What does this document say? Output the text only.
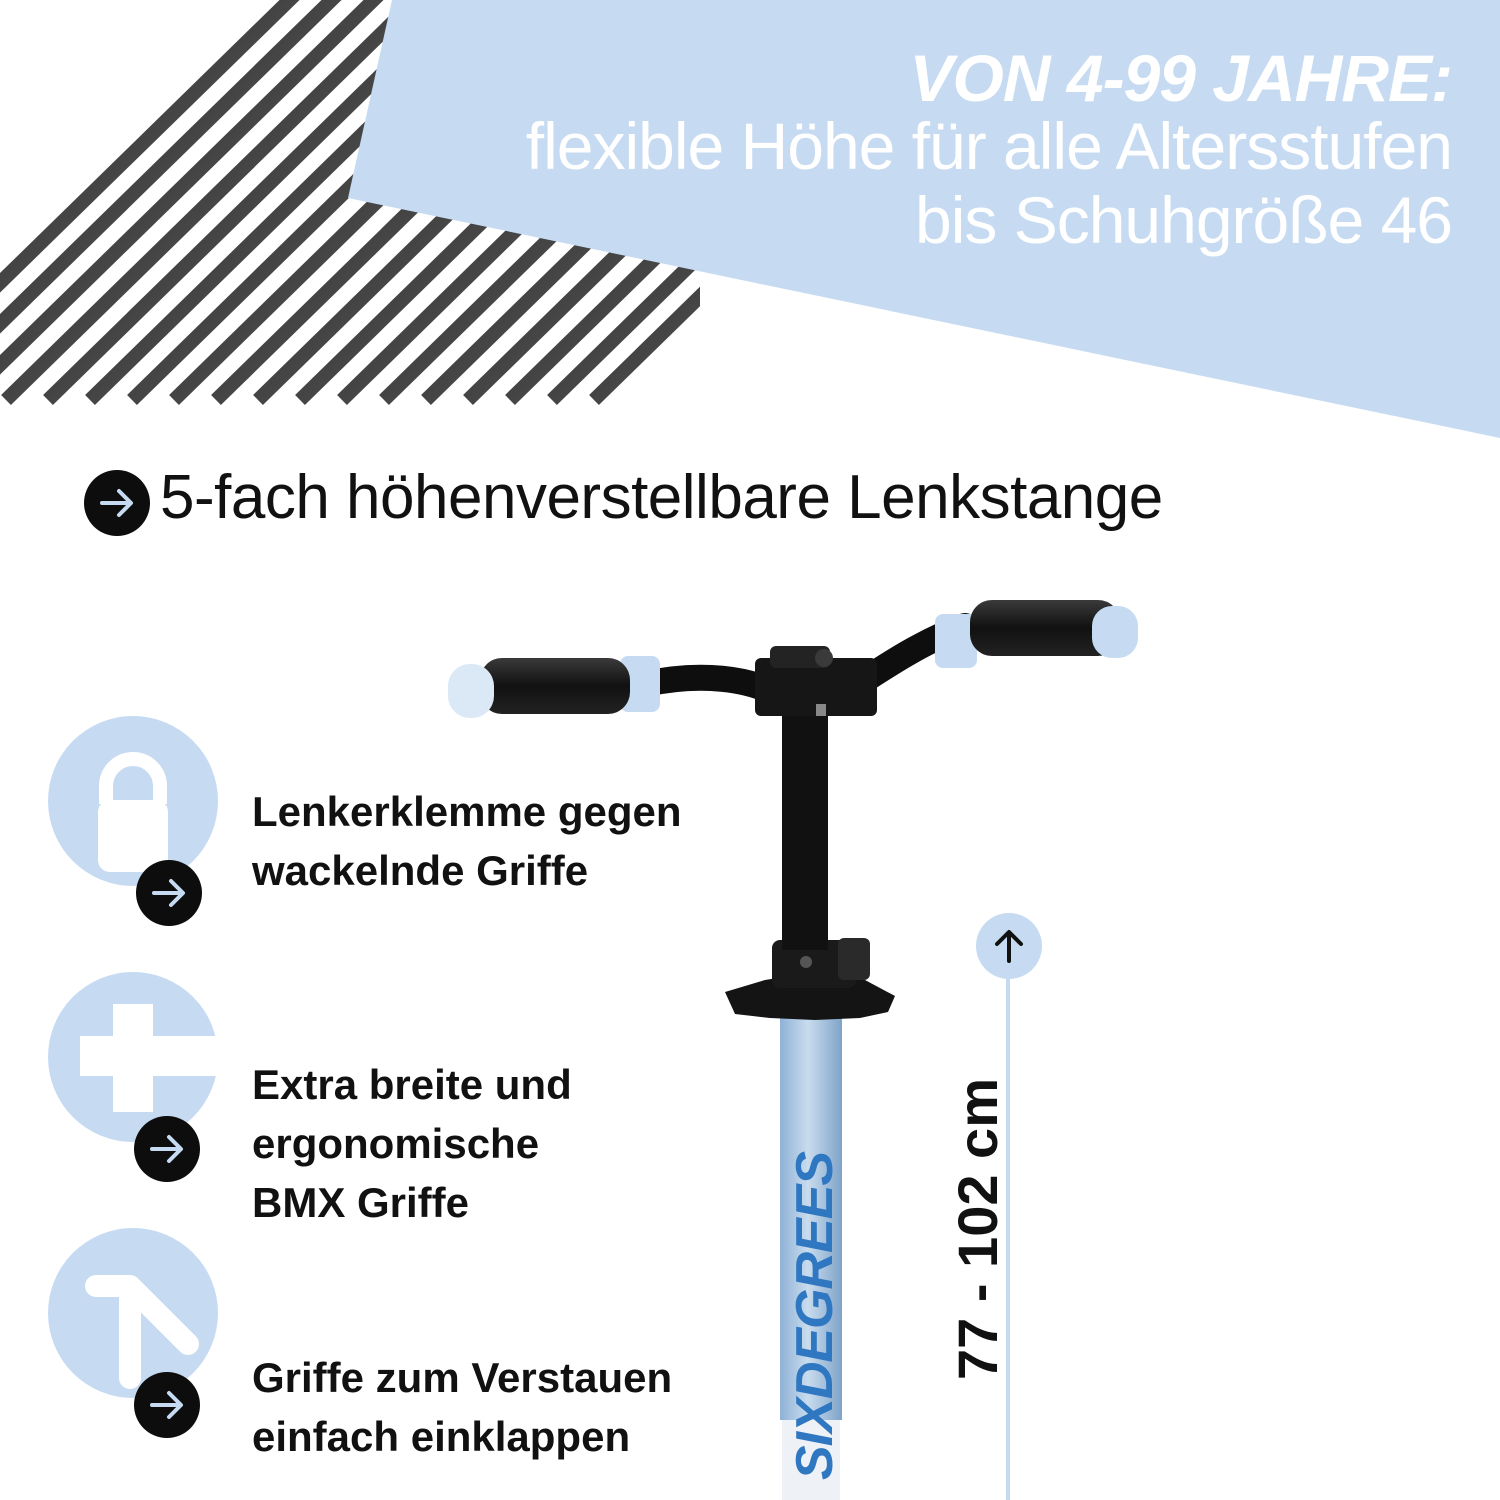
VON 4-99 JAHRE:
flexible Höhe für alle Altersstufen
bis Schuhgröße 46
5-fach höhenverstellbare Lenkstange
SIXDEGREES 77 - 102 cm
Lenkerklemme gegen
wackelnde Griffe
Extra breite und
ergonomische
BMX Griffe
Griffe zum Verstauen
einfach einklappen
